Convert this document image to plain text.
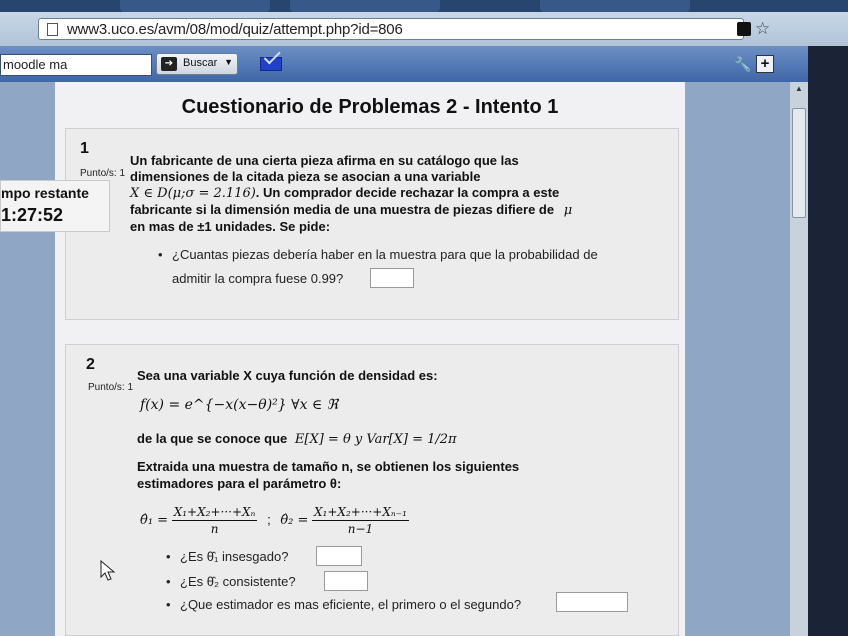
www3.uco.es/avm/08/mod/quiz/attempt.php?id=806	☆
moodle ma	➔ Buscar ▼	🔧 +
▲
Cuestionario de Problemas 2 - Intento 1
1
Punto/s: 1
Un fabricante de una cierta pieza afirma en su catálogo que las
dimensiones de la citada pieza se asocian a una variable
X ∈ D(μ;σ = 2.116). Un comprador decide rechazar la compra a este
fabricante si la dimensión media de una muestra de piezas difiere de μ
en mas de ±1 unidades. Se pide:
• ¿Cuantas piezas debería haber en la muestra para que la probabilidad de
admitir la compra fuese 0.99?
mpo restante
1:27:52
2
Punto/s: 1
Sea una variable X cuya función de densidad es:
f(x) = e^{−x(x−θ)²} ∀x ∈ ℜ
de la que se conoce que E[X] = θ y Var[X] = 1/2π
Extraida una muestra de tamaño n, se obtienen los siguientes
estimadores para el parámetro θ:
θ̂₁ = $\frac{\text{X₁+X₂+···+Xₙ}}{n}$ ; θ̂₂ = $\frac{\text{X₁+X₂+···+Xₙ₋₁}}{n-1}$
• ¿Es θ̂₁ insesgado?
• ¿Es θ̂₂ consistente?
• ¿Que estimador es mas eficiente, el primero o el segundo?
